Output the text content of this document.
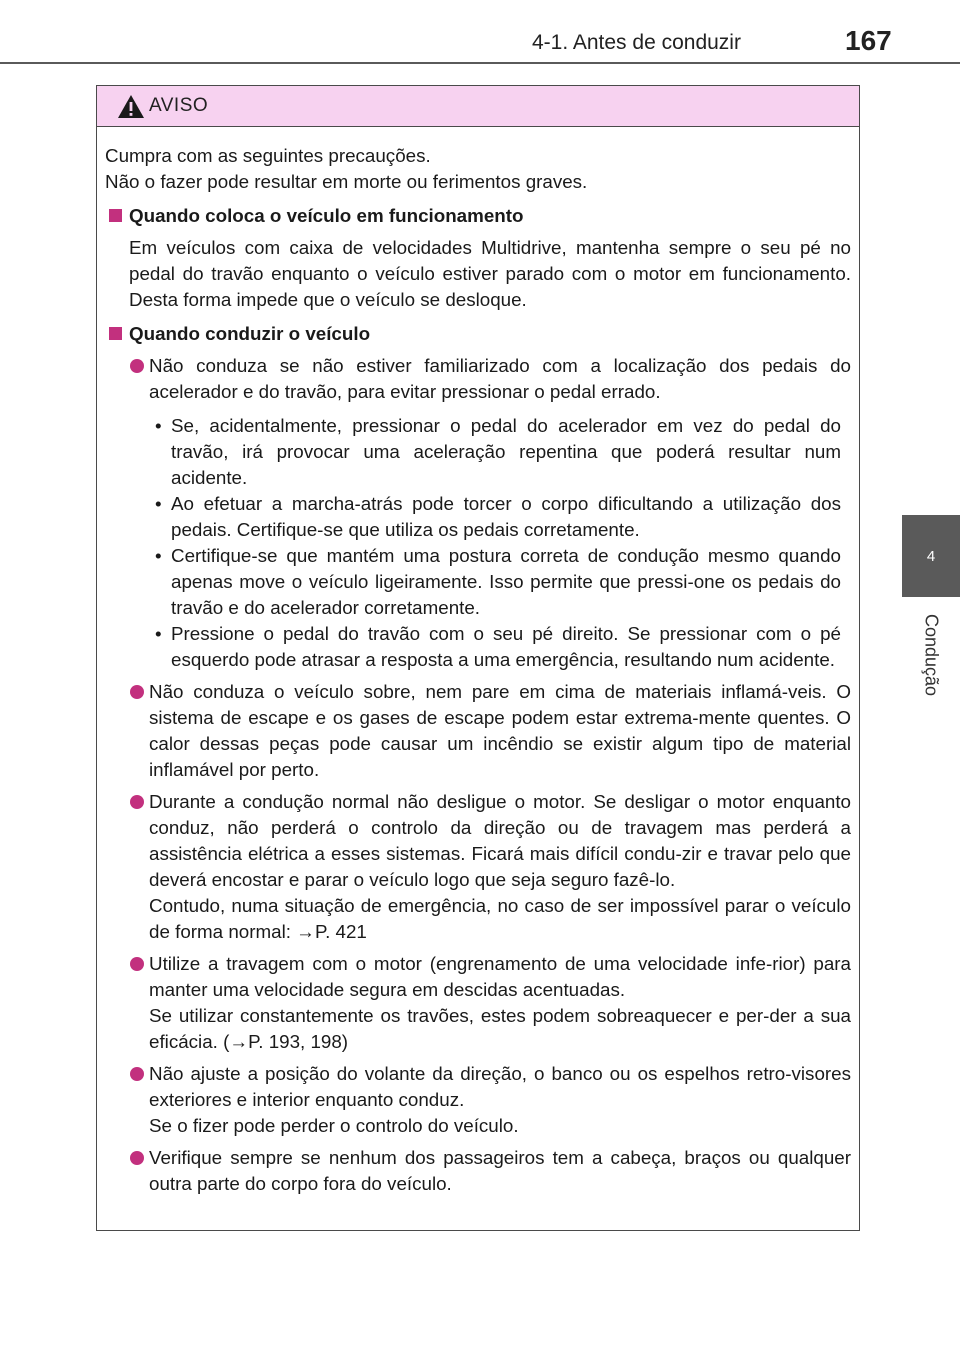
4-1. Antes de conduzir	167
4
Condução
AVISO

Cumpra com as seguintes precauções.

Não o fazer pode resultar em morte ou ferimentos graves.

Quando coloca o veículo em funcionamento

Em veículos com caixa de velocidades Multidrive, mantenha sempre o seu pé no pedal do travão enquanto o veículo estiver parado com o motor em funcionamento. Desta forma impede que o veículo se desloque.

Quando conduzir o veículo

Não conduza se não estiver familiarizado com a localização dos pedais do acelerador e do travão, para evitar pressionar o pedal errado.

• Se, acidentalmente, pressionar o pedal do acelerador em vez do pedal do travão, irá provocar uma aceleração repentina que poderá resultar num acidente.
• Ao efetuar a marcha-atrás pode torcer o corpo dificultando a utilização dos pedais. Certifique-se que utiliza os pedais corretamente.
• Certifique-se que mantém uma postura correta de condução mesmo quando apenas move o veículo ligeiramente. Isso permite que pressi-one os pedais do travão e do acelerador corretamente.
• Pressione o pedal do travão com o seu pé direito. Se pressionar com o pé esquerdo pode atrasar a resposta a uma emergência, resultando num acidente.

Não conduza o veículo sobre, nem pare em cima de materiais inflamá-veis. O sistema de escape e os gases de escape podem estar extrema-mente quentes. O calor dessas peças pode causar um incêndio se existir algum tipo de material inflamável por perto.

Durante a condução normal não desligue o motor. Se desligar o motor enquanto conduz, não perderá o controlo da direção ou de travagem mas perderá a assistência elétrica a esses sistemas. Ficará mais difícil condu-zir e travar pelo que deverá encostar e parar o veículo logo que seja seguro fazê-lo.

Contudo, numa situação de emergência, no caso de ser impossível parar o veículo de forma normal: →P. 421

Utilize a travagem com o motor (engrenamento de uma velocidade infe-rior) para manter uma velocidade segura em descidas acentuadas.

Se utilizar constantemente os travões, estes podem sobreaquecer e per-der a sua eficácia. (→P. 193, 198)

Não ajuste a posição do volante da direção, o banco ou os espelhos retro-visores exteriores e interior enquanto conduz.

Se o fizer pode perder o controlo do veículo.

Verifique sempre se nenhum dos passageiros tem a cabeça, braços ou qualquer outra parte do corpo fora do veículo.
